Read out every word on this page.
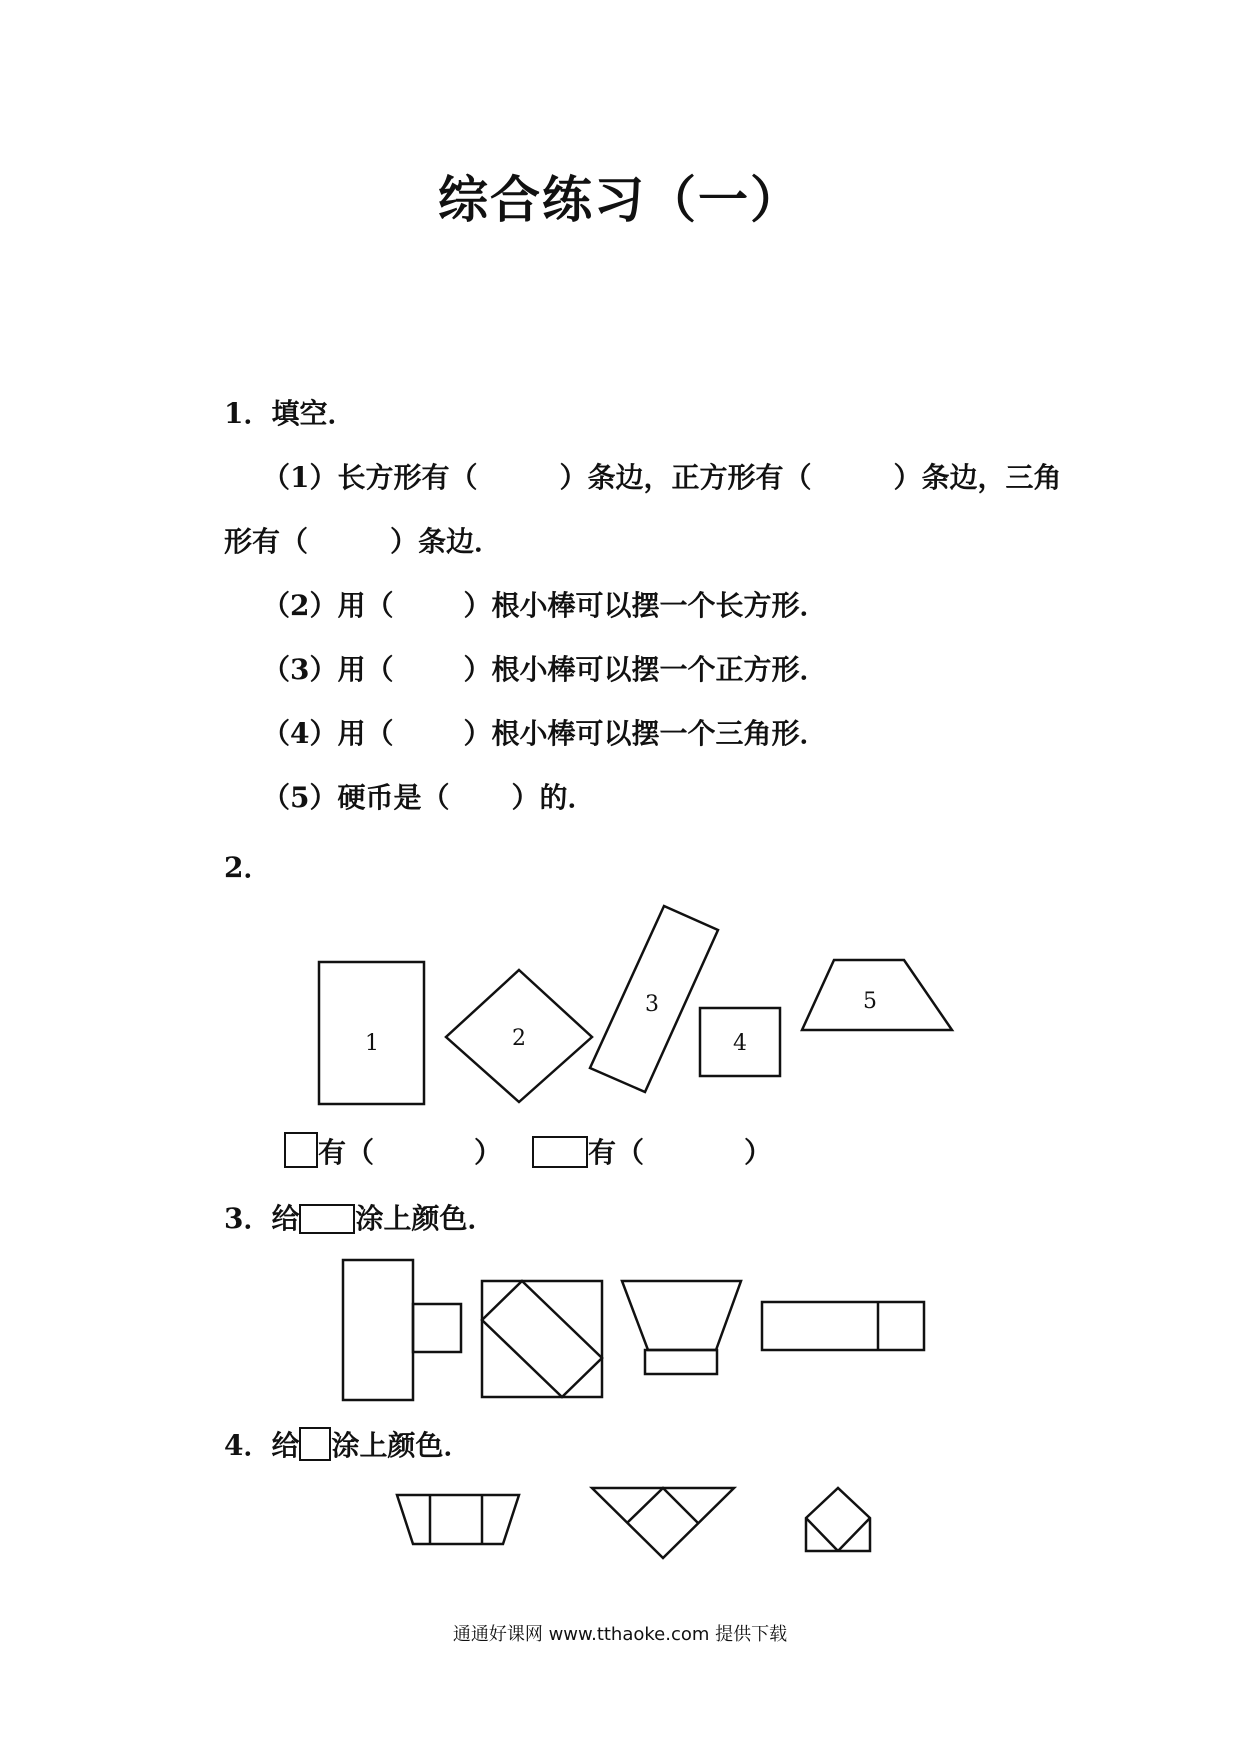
综合练习（一）
1．填空．
（1）长方形有（	）条边，正方形有（	）条边，三角
形有（	）条边．
（2）用（	）根小棒可以摆一个长方形．
（3）用（	）根小棒可以摆一个正方形．
（4）用（	）根小棒可以摆一个三角形．
（5）硬币是（ ）的．
2．
1	2
3
4
5
有（	）	有（	）
3．给 涂上颜色．
4．给 涂上颜色．
通通好课网 www.tthaoke.com 提供下载
